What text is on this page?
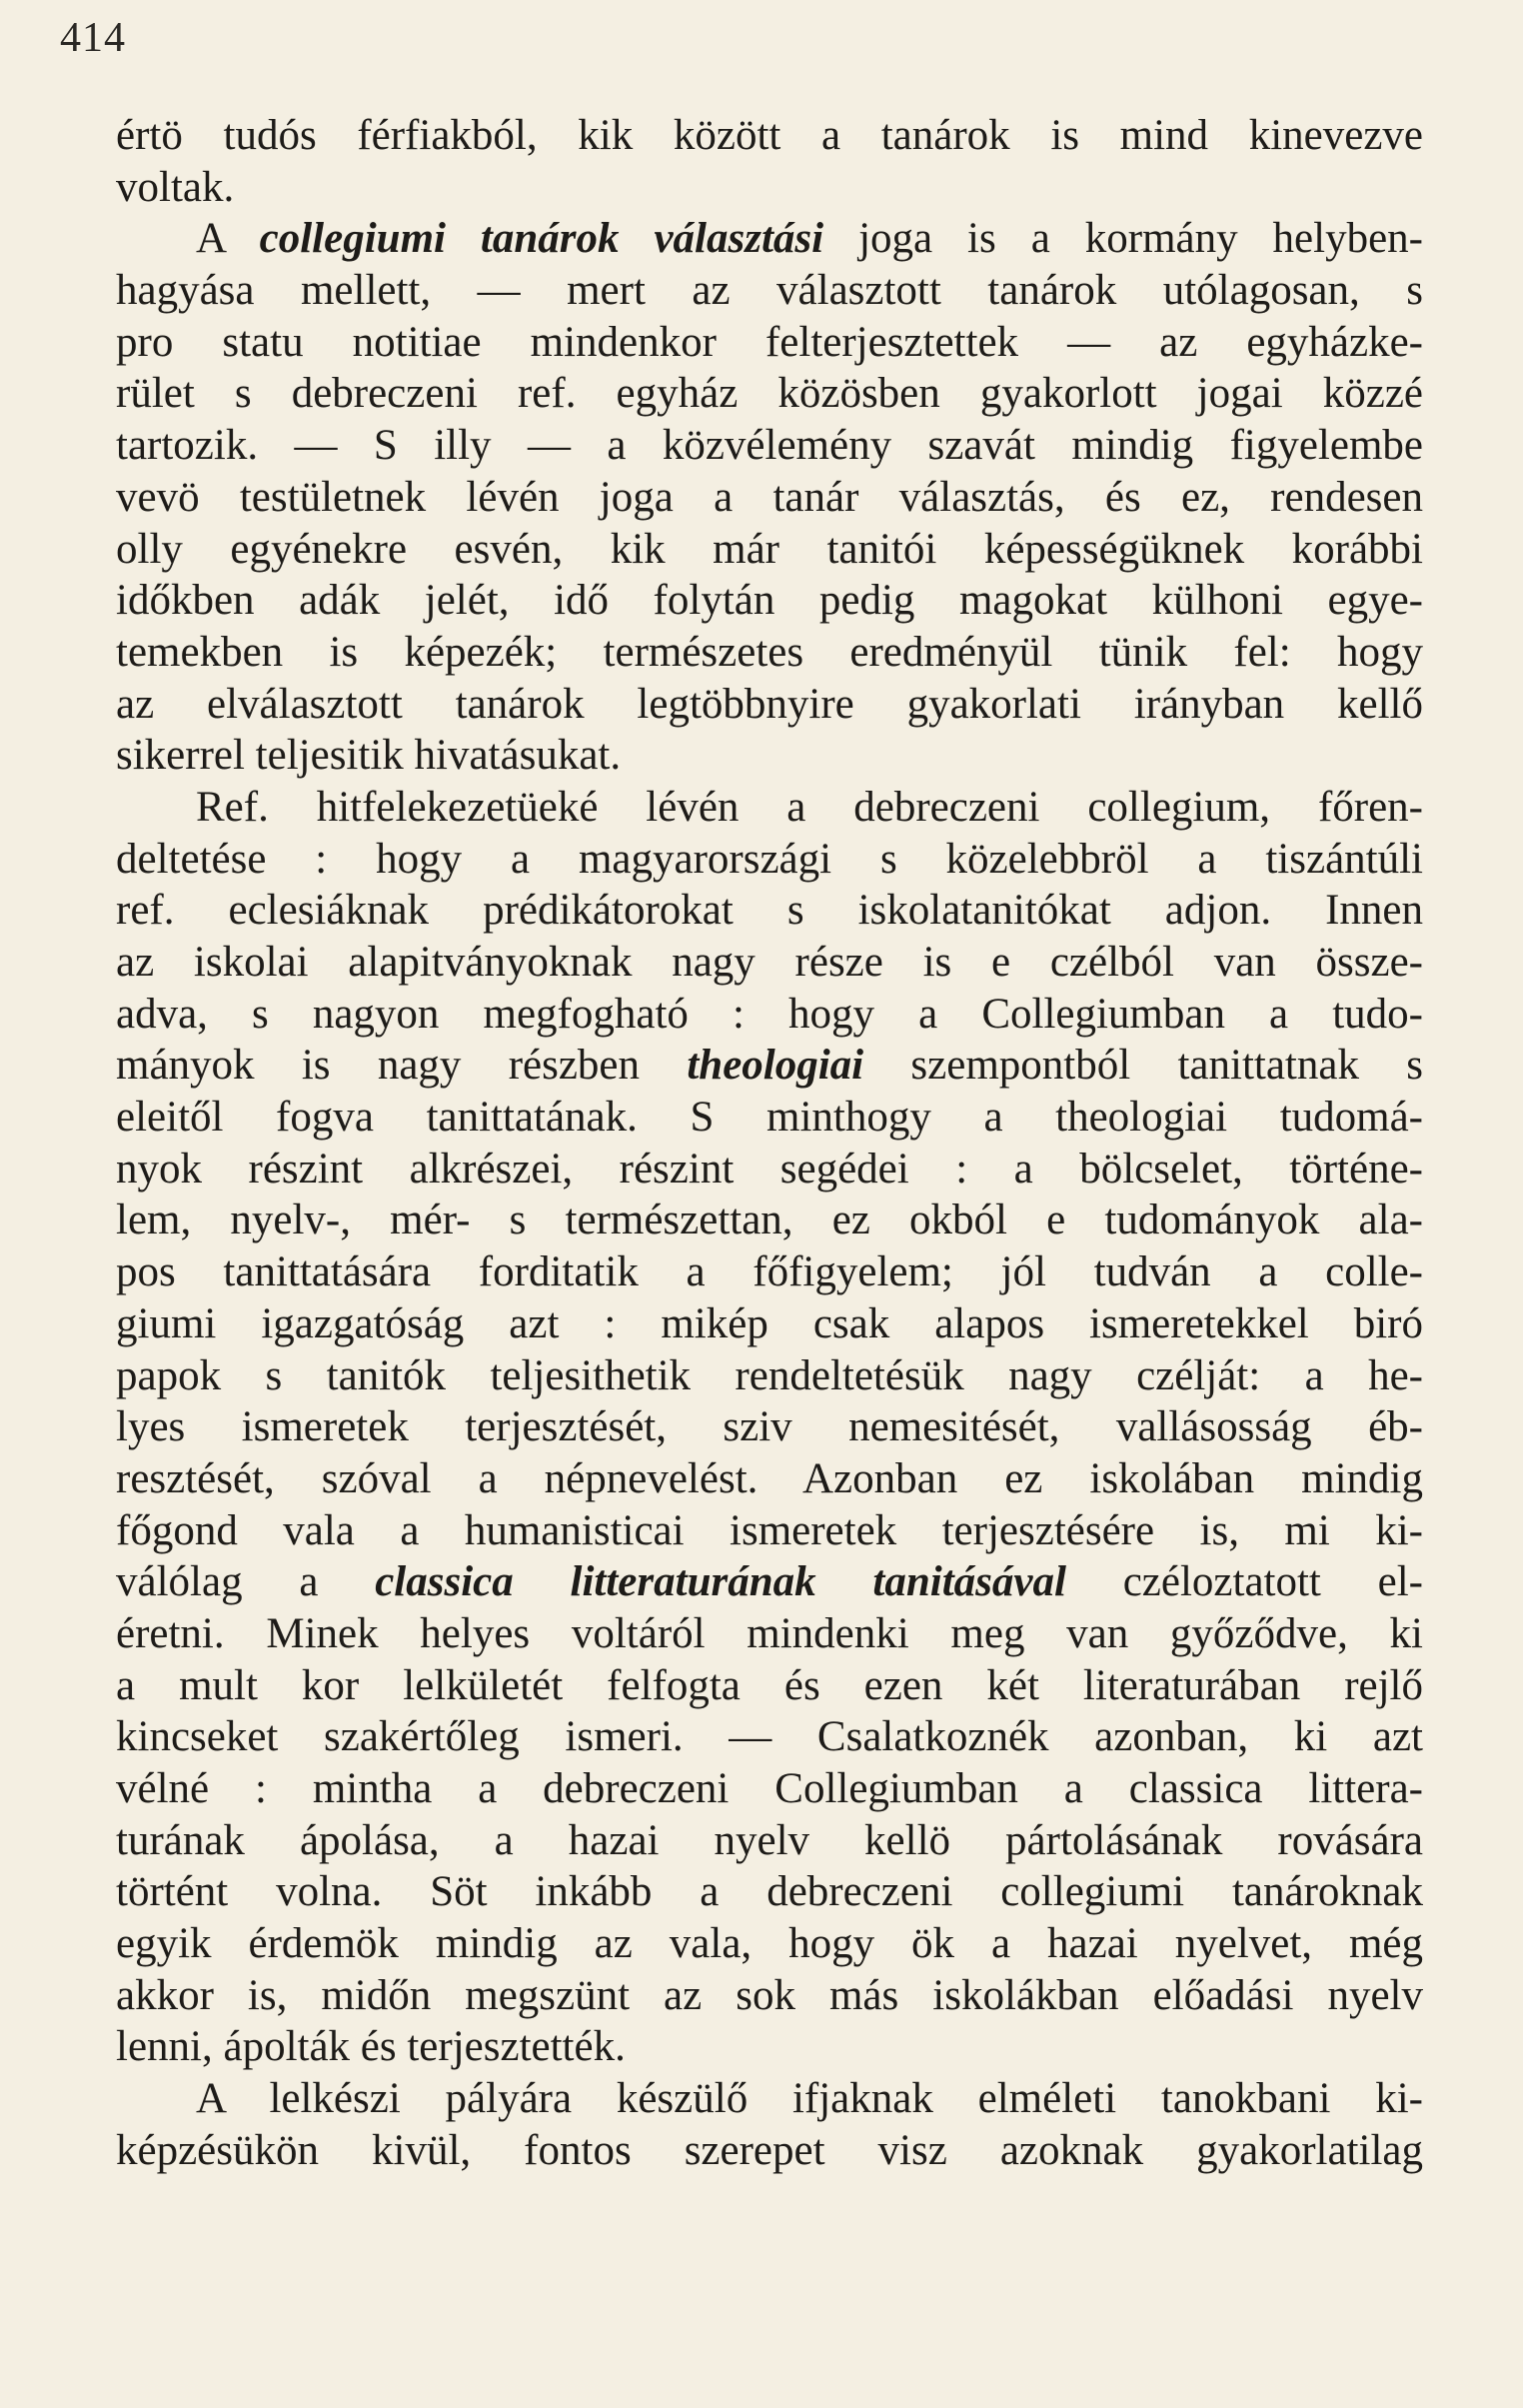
414
értö tudós férfiakból, kik között a tanárok is mind kinevezve
voltak.
A collegiumi tanárok választási joga is a kormány helyben-
hagyása mellett, — mert az választott tanárok utólagosan, s
pro statu notitiae mindenkor felterjesztettek — az egyházke-
rület s debreczeni ref. egyház közösben gyakorlott jogai közzé
tartozik. — S illy — a közvélemény szavát mindig figyelembe
vevö testületnek lévén joga a tanár választás, és ez, rendesen
olly egyénekre esvén, kik már tanitói képességüknek korábbi
időkben adák jelét, idő folytán pedig magokat külhoni egye-
temekben is képezék; természetes eredményül tünik fel: hogy
az elválasztott tanárok legtöbbnyire gyakorlati irányban kellő
sikerrel teljesitik hivatásukat.
Ref. hitfelekezetüeké lévén a debreczeni collegium, főren-
deltetése : hogy a magyarországi s közelebbröl a tiszántúli
ref. eclesiáknak prédikátorokat s iskolatanitókat adjon. Innen
az iskolai alapitványoknak nagy része is e czélból van össze-
adva, s nagyon megfogható : hogy a Collegiumban a tudo-
mányok is nagy részben theologiai szempontból tanittatnak s
eleitől fogva tanittatának. S minthogy a theologiai tudomá-
nyok részint alkrészei, részint segédei : a bölcselet, történe-
lem, nyelv-, mér- s természettan, ez okból e tudományok ala-
pos tanittatására forditatik a főfigyelem; jól tudván a colle-
giumi igazgatóság azt : mikép csak alapos ismeretekkel biró
papok s tanitók teljesithetik rendeltetésük nagy czélját: a he-
lyes ismeretek terjesztését, sziv nemesitését, vallásosság éb-
resztését, szóval a népnevelést. Azonban ez iskolában mindig
főgond vala a humanisticai ismeretek terjesztésére is, mi ki-
válólag a classica litteraturának tanitásával czéloztatott el-
éretni. Minek helyes voltáról mindenki meg van győződve, ki
a mult kor lelkületét felfogta és ezen két literaturában rejlő
kincseket szakértőleg ismeri. — Csalatkoznék azonban, ki azt
vélné : mintha a debreczeni Collegiumban a classica littera-
turának ápolása, a hazai nyelv kellö pártolásának rovására
történt volna. Söt inkább a debreczeni collegiumi tanároknak
egyik érdemök mindig az vala, hogy ök a hazai nyelvet, még
akkor is, midőn megszünt az sok más iskolákban előadási nyelv
lenni, ápolták és terjesztették.
A lelkészi pályára készülő ifjaknak elméleti tanokbani ki-
képzésükön kivül, fontos szerepet visz azoknak gyakorlatilag
